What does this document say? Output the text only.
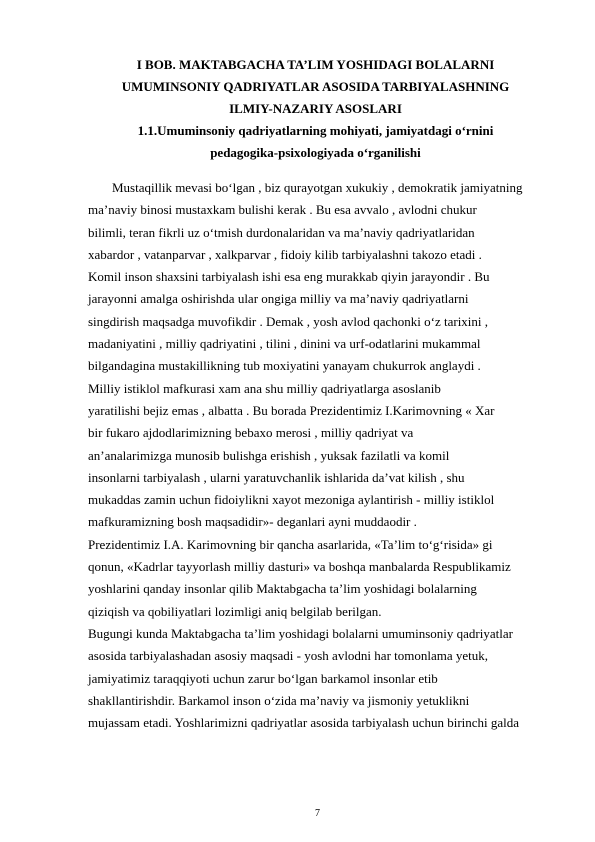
I BOB. MAKTABGACHA TA’LIM YOSHIDAGI BOLALARNI
UMUMINSONIY QADRIYATLAR ASOSIDA TARBIYALASHNING
ILMIY-NAZARIY ASOSLARI
1.1.Umuminsoniy qadriyatlarning mohiyati, jamiyatdagi o‘rnini
pedagogika-psixologiyada o‘rganilishi
Mustaqillik mevasi bo‘lgan , biz qurayotgan xukukiy , demokratik jamiyatning
ma’naviy binosi mustaxkam bulishi kerak . Bu esa avvalo , avlodni chukur
bilimli, teran fikrli uz o‘tmish durdonalaridan va ma’naviy qadriyatlaridan
xabardor , vatanparvar , xalkparvar , fidoiy kilib tarbiyalashni takozo etadi .
Komil inson shaxsini tarbiyalash ishi esa eng murakkab qiyin jarayondir . Bu
jarayonni amalga oshirishda ular ongiga milliy va ma’naviy qadriyatlarni
singdirish maqsadga muvofikdir . Demak , yosh avlod qachonki o‘z tarixini ,
madaniyatini , milliy qadriyatini , tilini , dinini va urf-odatlarini mukammal
bilgandagina mustakillikning tub moxiyatini yanayam chukurrok anglaydi .
Milliy istiklol mafkurasi xam ana shu milliy qadriyatlarga asoslanib
yaratilishi bejiz emas , albatta . Bu borada Prezidentimiz I.Karimovning « Xar
bir fukaro ajdodlarimizning bebaxo merosi , milliy qadriyat va
an’analarimizga munosib bulishga erishish , yuksak fazilatli va komil
insonlarni tarbiyalash , ularni yaratuvchanlik ishlarida da’vat kilish , shu
mukaddas zamin uchun fidoiylikni xayot mezoniga aylantirish - milliy istiklol
mafkuramizning bosh maqsadidir»- deganlari ayni muddaodir .
Prezidentimiz I.A. Karimovning bir qancha asarlarida, «Ta’lim to‘g‘risida» gi
qonun, «Kadrlar tayyorlash milliy dasturi» va boshqa manbalarda Respublikamiz
yoshlarini qanday insonlar qilib Maktabgacha ta’lim yoshidagi bolalarning
qiziqish va qobiliyatlari lozimligi aniq belgilab berilgan.
Bugungi kunda Maktabgacha ta’lim yoshidagi bolalarni umuminsoniy qadriyatlar
asosida tarbiyalashadan asosiy maqsadi - yosh avlodni har tomonlama yetuk,
jamiyatimiz taraqqiyoti uchun zarur bo‘lgan barkamol insonlar etib
shakllantirishdir. Barkamol inson o‘zida ma’naviy va jismoniy yetuklikni
mujassam etadi. Yoshlarimizni qadriyatlar asosida tarbiyalash uchun birinchi galda
7
